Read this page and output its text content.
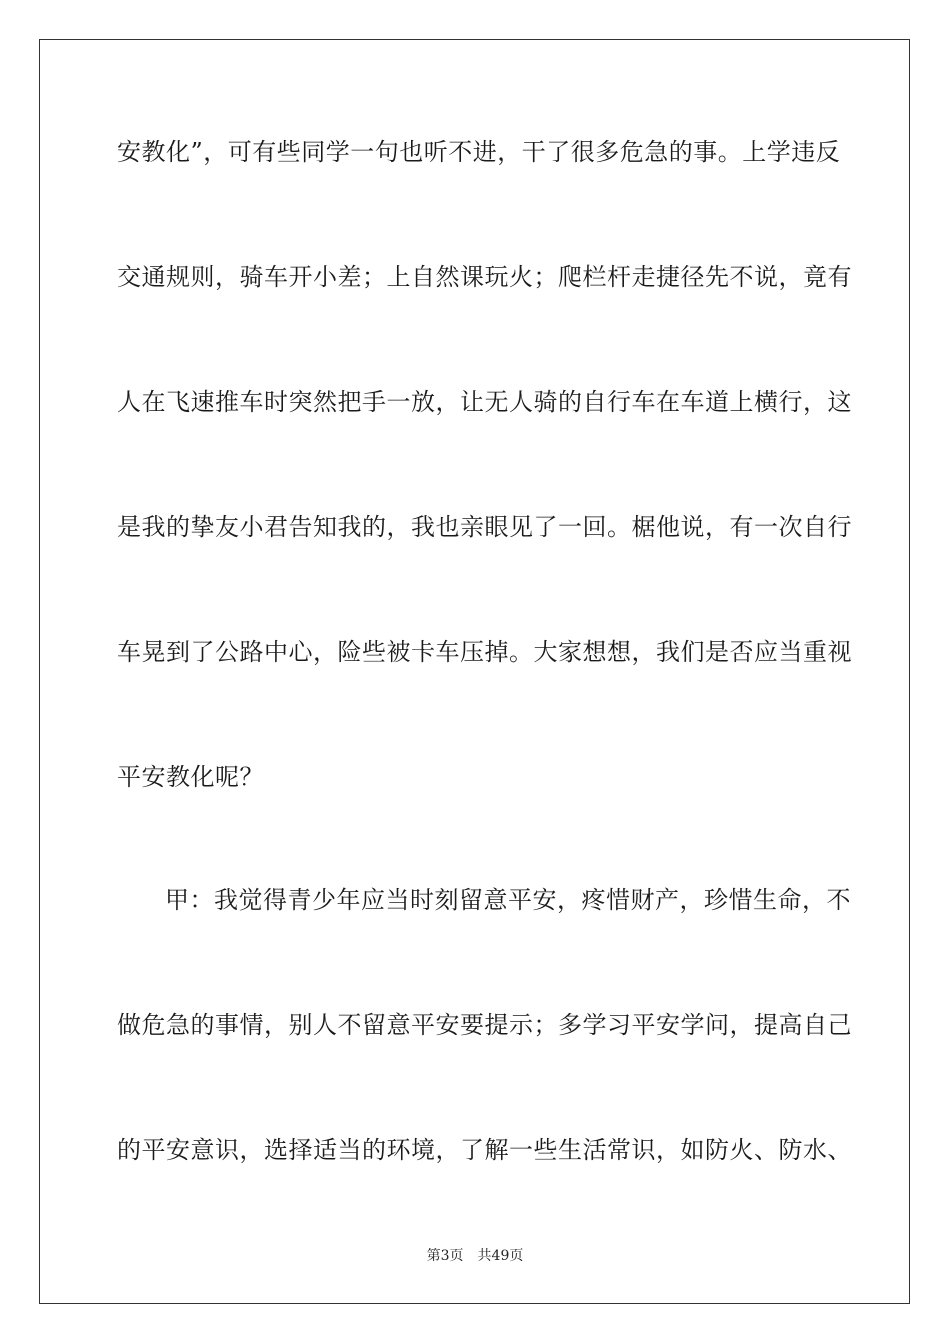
安教化”，可有些同学一句也听不进，干了很多危急的事。上学违反
交通规则，骑车开小差；上自然课玩火；爬栏杆走捷径先不说，竟有
人在飞速推车时突然把手一放，让无人骑的自行车在车道上横行，这
是我的挚友小君告知我的，我也亲眼见了一回。椐他说，有一次自行
车晃到了公路中心，险些被卡车压掉。大家想想，我们是否应当重视
平安教化呢？
甲：我觉得青少年应当时刻留意平安，疼惜财产，珍惜生命，不
做危急的事情，别人不留意平安要提示；多学习平安学问，提高自己
的平安意识，选择适当的环境，了解一些生活常识，如防火、防水、
第3页 共49页
